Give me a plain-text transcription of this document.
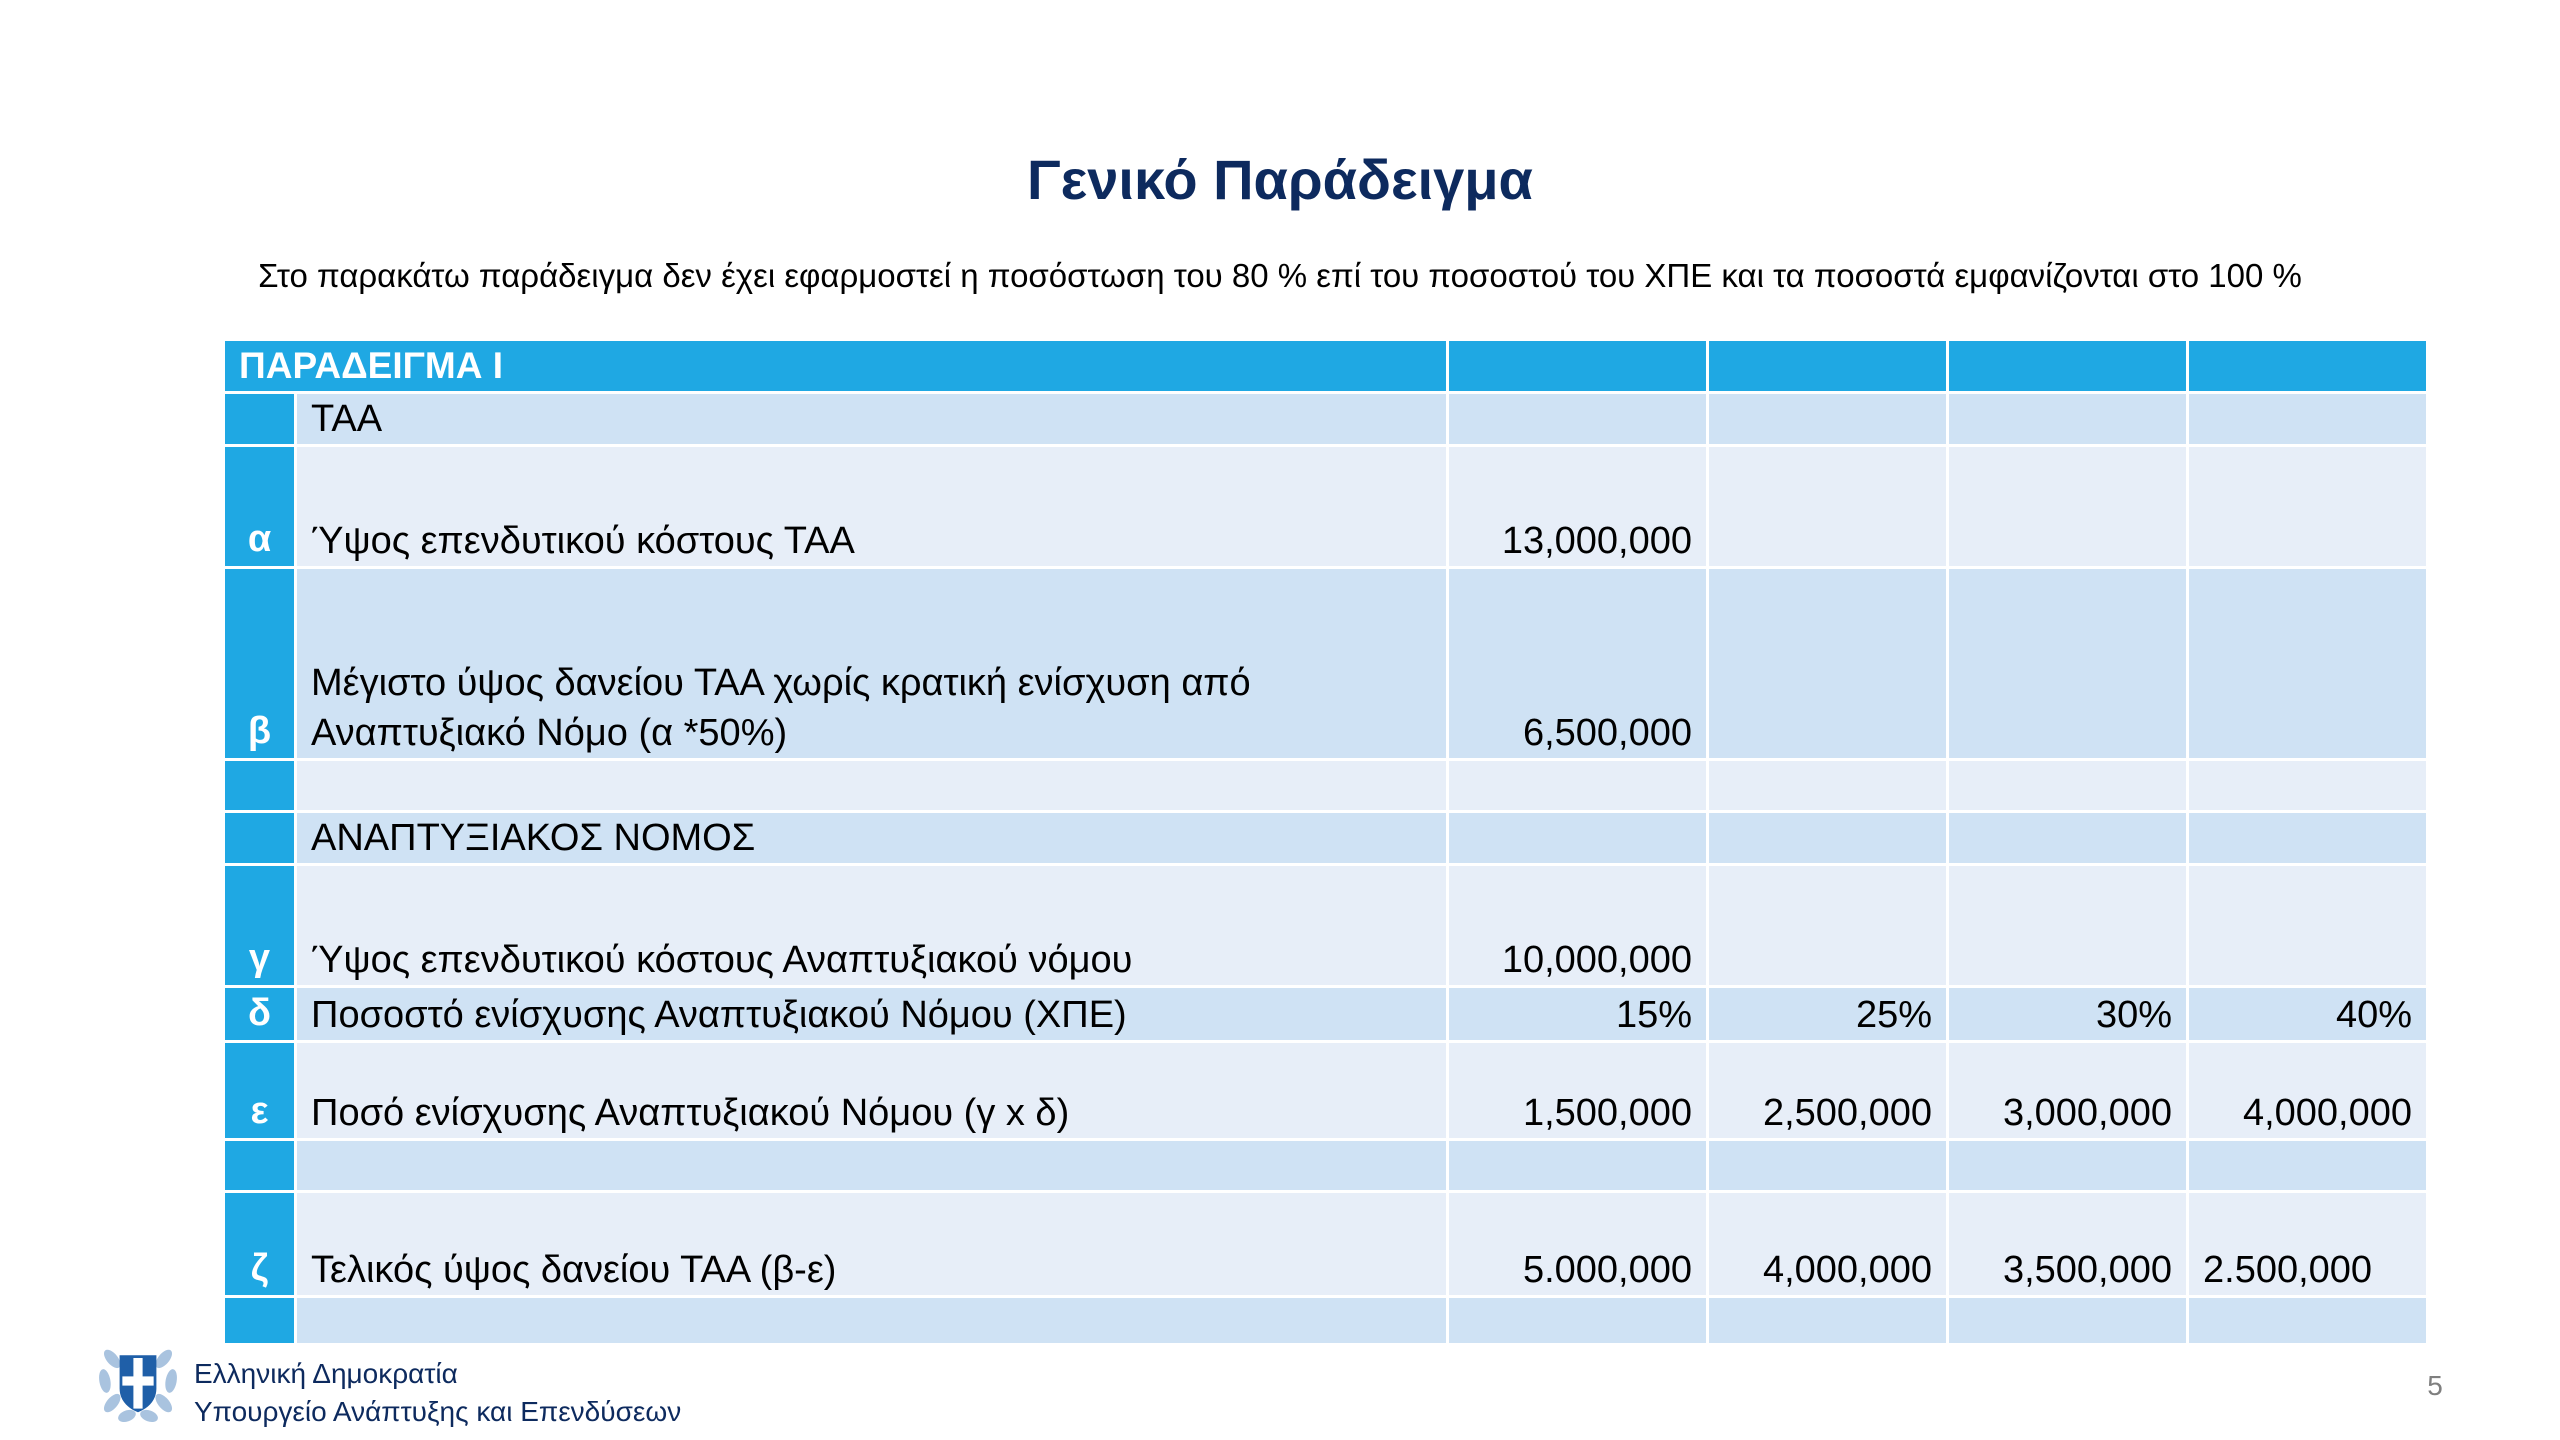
Γενικό Παράδειγμα
Στο παρακάτω παράδειγμα δεν έχει εφαρμοστεί η ποσόστωση του 80 % επί του ποσοστού του ΧΠΕ και τα ποσοστά εμφανίζονται στο 100 %
ΠΑΡΑΔΕΙΓΜΑ Ι					
	ΤΑΑ				
α	Ύψος επενδυτικού κόστους ΤΑΑ	13,000,000			
β	Μέγιστο ύψος δανείου ΤΑΑ χωρίς κρατική ενίσχυση από Αναπτυξιακό Νόμο (α *50%)	6,500,000			

	ΑΝΑΠΤΥΞΙΑΚΟΣ ΝΟΜΟΣ				
γ	Ύψος επενδυτικού κόστους Αναπτυξιακού νόμου	10,000,000			
δ	Ποσοστό ενίσχυσης Αναπτυξιακού Νόμου (ΧΠΕ)	15%	25%	30%	40%
ε	Ποσό ενίσχυσης Αναπτυξιακού Νόμου (γ x δ)	1,500,000	2,500,000	3,000,000	4,000,000

ζ	Τελικός ύψος δανείου ΤΑΑ (β-ε)	5.000,000	4,000,000	3,500,000	2.500,000

Ελληνική Δημοκρατία
Υπουργείο Ανάπτυξης και Επενδύσεων
5
